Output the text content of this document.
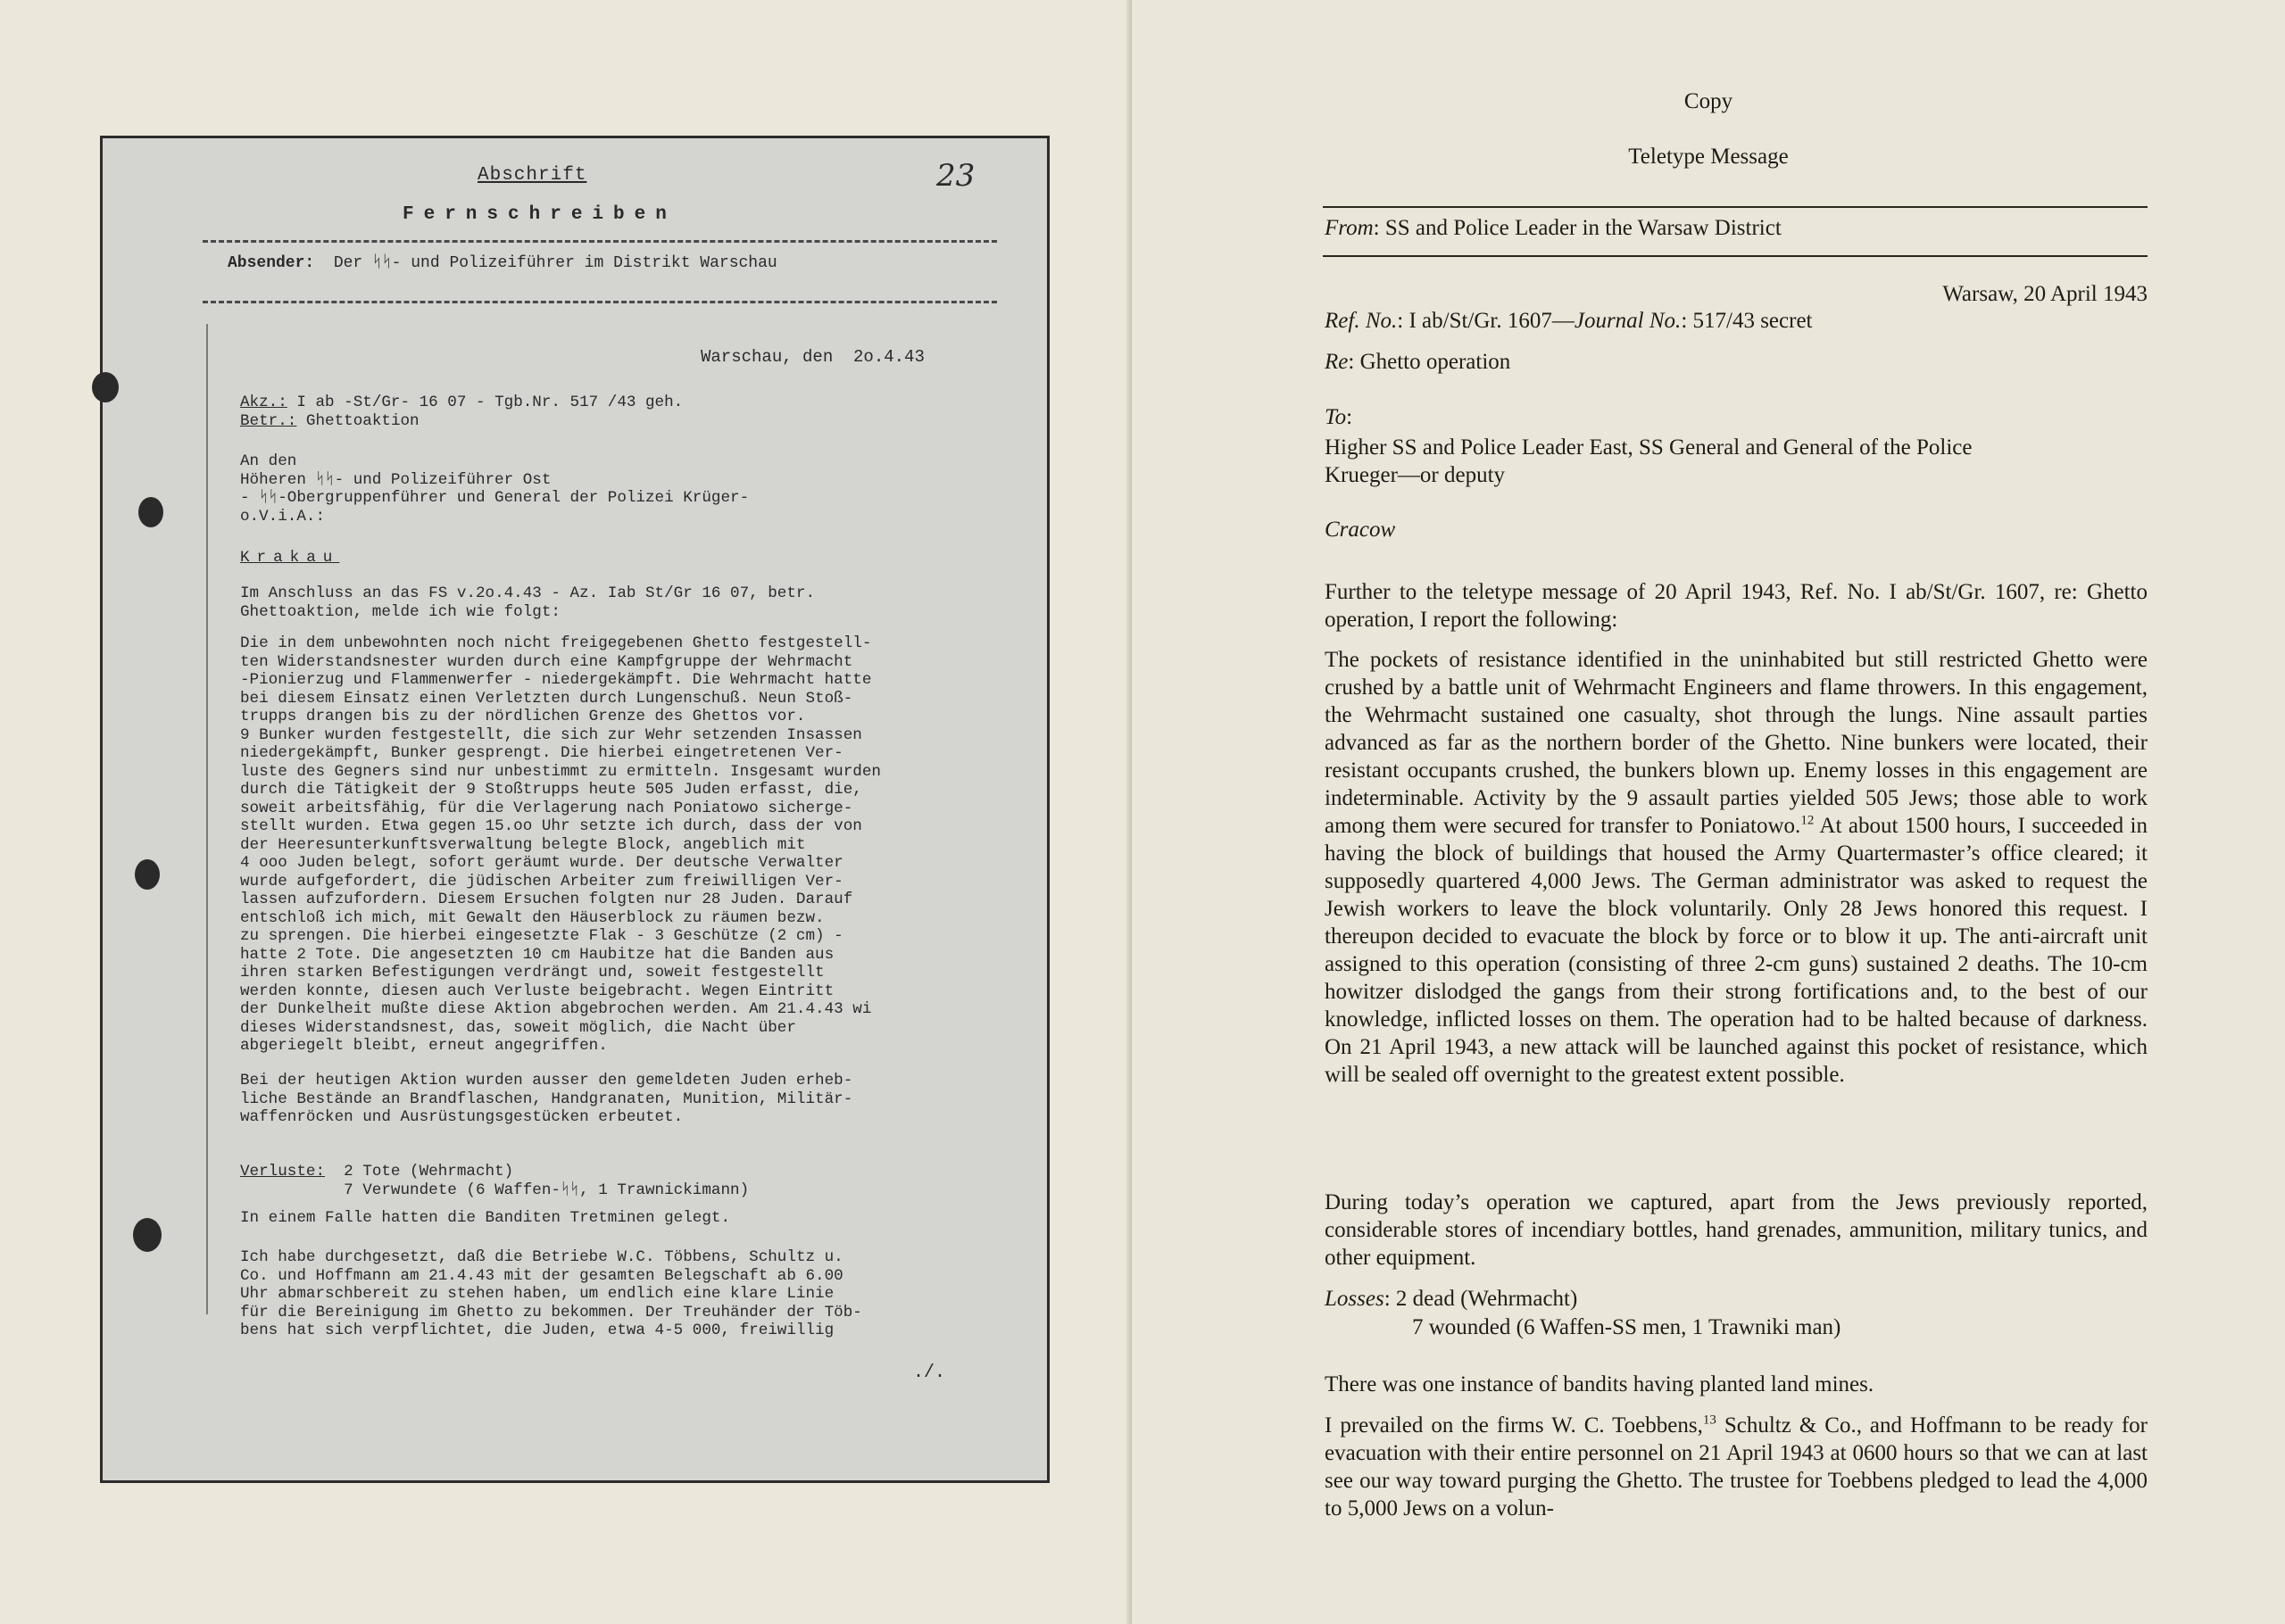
Abschrift	23
Fernschreiben
Absender: Der ᛋᛋ- und Polizeiführer im Distrikt Warschau
Warschau, den  2o.4.43
Akz.: I ab -St/Gr- 16 07 - Tgb.Nr. 517 /43 geh.
Betr.: Ghettoaktion
An den
Höheren ᛋᛋ- und Polizeiführer Ost
- ᛋᛋ-Obergruppenführer und General der Polizei Krüger-
o.V.i.A.:
Krakau
Im Anschluss an das FS v.2o.4.43 - Az. Iab St/Gr 16 07, betr.
Ghettoaktion, melde ich wie folgt:
Die in dem unbewohnten noch nicht freigegebenen Ghetto festgestell-
ten Widerstandsnester wurden durch eine Kampfgruppe der Wehrmacht
-Pionierzug und Flammenwerfer - niedergekämpft. Die Wehrmacht hatte
bei diesem Einsatz einen Verletzten durch Lungenschuß. Neun Stoß-
trupps drangen bis zu der nördlichen Grenze des Ghettos vor.
9 Bunker wurden festgestellt, die sich zur Wehr setzenden Insassen
niedergekämpft, Bunker gesprengt. Die hierbei eingetretenen Ver-
luste des Gegners sind nur unbestimmt zu ermitteln. Insgesamt wurden
durch die Tätigkeit der 9 Stoßtrupps heute 505 Juden erfasst, die,
soweit arbeitsfähig, für die Verlagerung nach Poniatowo sicherge-
stellt wurden. Etwa gegen 15.oo Uhr setzte ich durch, dass der von
der Heeresunterkunftsverwaltung belegte Block, angeblich mit
4 ooo Juden belegt, sofort geräumt wurde. Der deutsche Verwalter
wurde aufgefordert, die jüdischen Arbeiter zum freiwilligen Ver-
lassen aufzufordern. Diesem Ersuchen folgten nur 28 Juden. Darauf
entschloß ich mich, mit Gewalt den Häuserblock zu räumen bezw.
zu sprengen. Die hierbei eingesetzte Flak - 3 Geschütze (2 cm) -
hatte 2 Tote. Die angesetzten 10 cm Haubitze hat die Banden aus
ihren starken Befestigungen verdrängt und, soweit festgestellt
werden konnte, diesen auch Verluste beigebracht. Wegen Eintritt
der Dunkelheit mußte diese Aktion abgebrochen werden. Am 21.4.43 wi
dieses Widerstandsnest, das, soweit möglich, die Nacht über
abgeriegelt bleibt, erneut angegriffen.
Bei der heutigen Aktion wurden ausser den gemeldeten Juden erheb-
liche Bestände an Brandflaschen, Handgranaten, Munition, Militär-
waffenröcken und Ausrüstungsgestücken erbeutet.
Verluste:  2 Tote (Wehrmacht)
7 Verwundete (6 Waffen-ᛋᛋ, 1 Trawnickimann)
In einem Falle hatten die Banditen Tretminen gelegt.
Ich habe durchgesetzt, daß die Betriebe W.C. Többens, Schultz u.
Co. und Hoffmann am 21.4.43 mit der gesamten Belegschaft ab 6.00
Uhr abmarschbereit zu stehen haben, um endlich eine klare Linie
für die Bereinigung im Ghetto zu bekommen. Der Treuhänder der Töb-
bens hat sich verpflichtet, die Juden, etwa 4-5 000, freiwillig
./.
Copy
Teletype Message
From: SS and Police Leader in the Warsaw District
Warsaw, 20 April 1943
Ref. No.: I ab/St/Gr. 1607—Journal No.: 517/43 secret
Re: Ghetto operation
To:
Higher SS and Police Leader East, SS General and General of the Police
Krueger—or deputy
Cracow
Further to the teletype message of 20 April 1943, Ref. No. I ab/St/Gr. 1607, re: Ghetto operation, I report the following:
The pockets of resistance identified in the uninhabited but still restricted Ghetto were crushed by a battle unit of Wehrmacht Engineers and flame throwers. In this engagement, the Wehrmacht sustained one casualty, shot through the lungs. Nine assault parties advanced as far as the northern border of the Ghetto. Nine bunkers were located, their resistant occupants crushed, the bunkers blown up. Enemy losses in this engagement are indeterminable. Activity by the 9 assault parties yielded 505 Jews; those able to work among them were secured for transfer to Poniatowo.$^{12}$ At about 1500 hours, I succeeded in having the block of buildings that housed the Army Quartermaster’s office cleared; it supposedly quartered 4,000 Jews. The German administrator was asked to request the Jewish workers to leave the block voluntarily. Only 28 Jews honored this request. I thereupon decided to evacuate the block by force or to blow it up. The anti-aircraft unit assigned to this operation (consisting of three 2-cm guns) sustained 2 deaths. The 10-cm howitzer dislodged the gangs from their strong fortifications and, to the best of our knowledge, inflicted losses on them. The operation had to be halted because of darkness. On 21 April 1943, a new attack will be launched against this pocket of resistance, which will be sealed off overnight to the greatest extent possible.
During today’s operation we captured, apart from the Jews previously reported, considerable stores of incendiary bottles, hand grenades, ammunition, military tunics, and other equipment.
Losses: 2 dead (Wehrmacht)
7 wounded (6 Waffen-SS men, 1 Trawniki man)
There was one instance of bandits having planted land mines.
I prevailed on the firms W. C. Toebbens,$^{13}$ Schultz & Co., and Hoffmann to be ready for evacuation with their entire personnel on 21 April 1943 at 0600 hours so that we can at last see our way toward purging the Ghetto. The trustee for Toebbens pledged to lead the 4,000 to 5,000 Jews on a volun-
